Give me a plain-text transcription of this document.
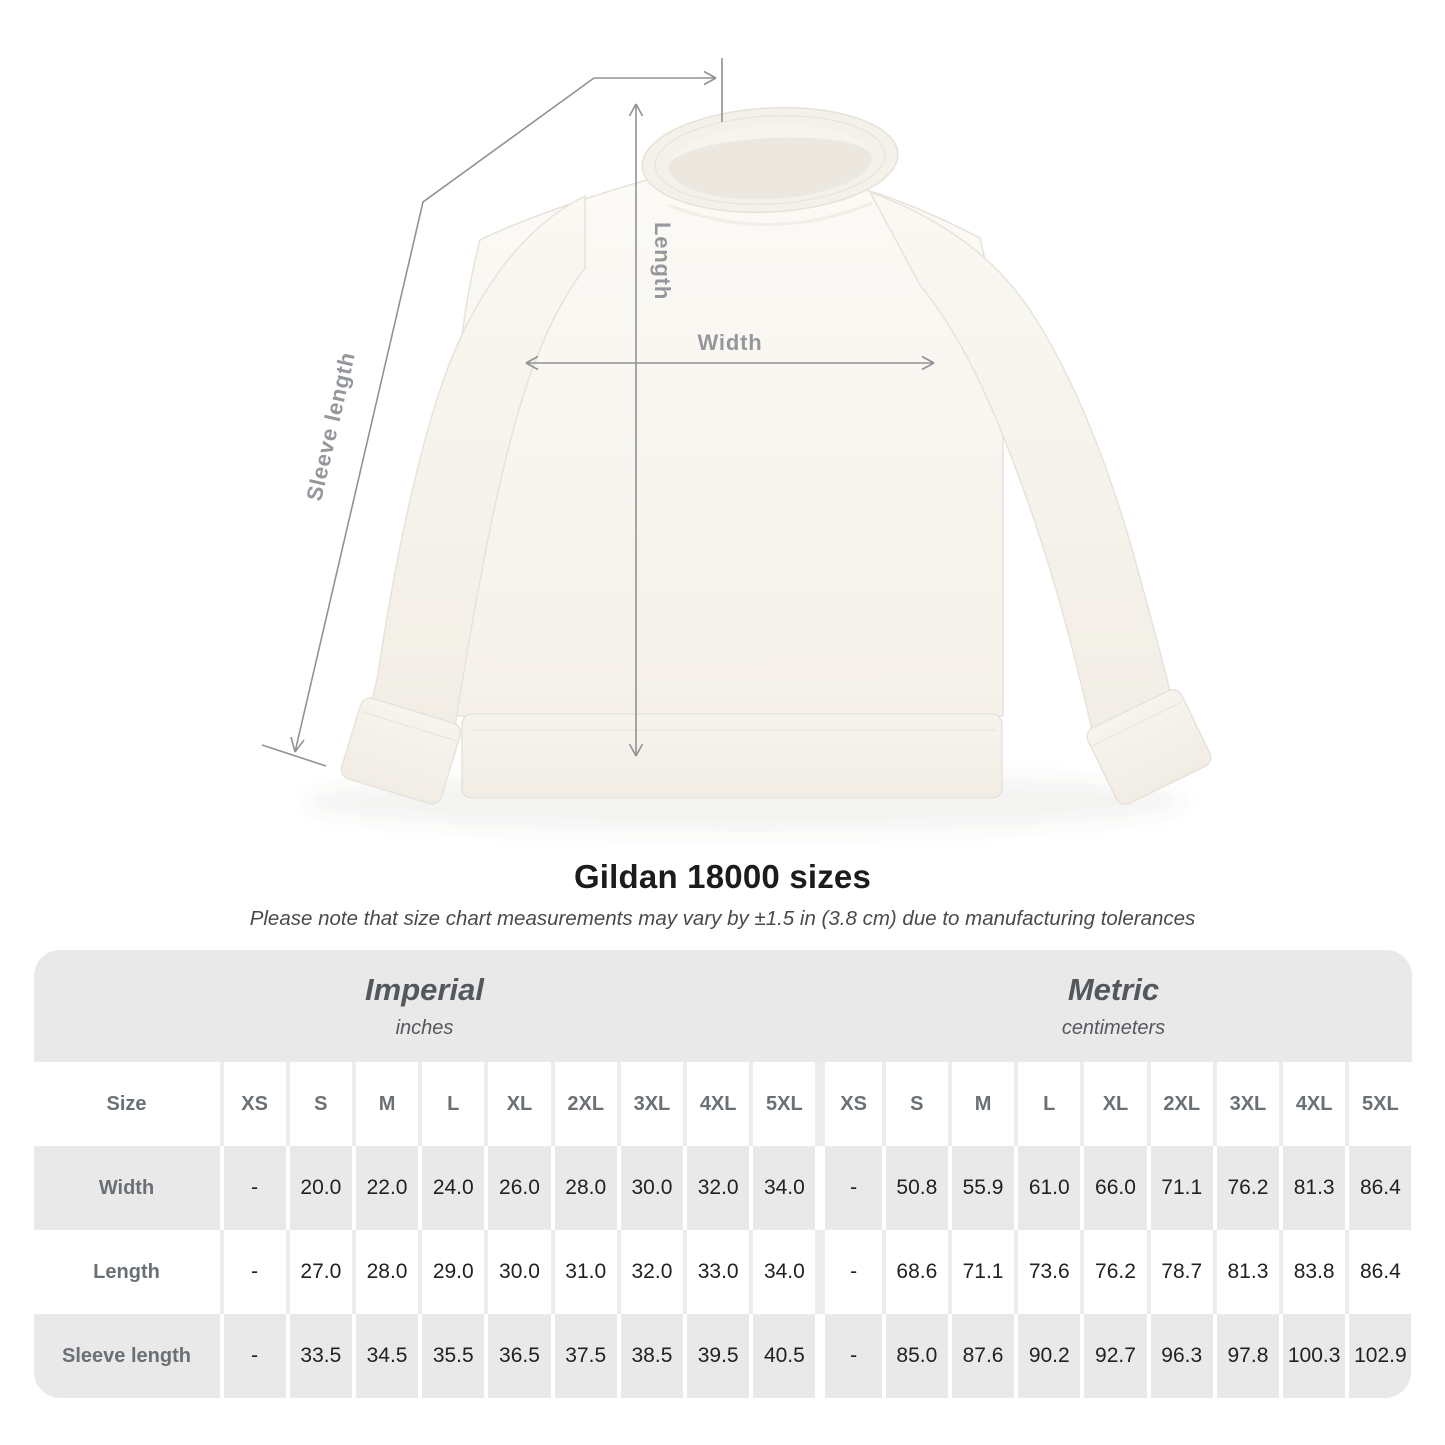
Sleeve length
Length
Width
Gildan 18000 sizes
Please note that size chart measurements may vary by ±1.5 in (3.8 cm) due to manufacturing tolerances
Imperial
inches
Metric
centimeters
Size	XS	S	M	L	XL	2XL	3XL	4XL	5XL	XS	S	M	L	XL	2XL	3XL	4XL	5XL
Width	-	20.0	22.0	24.0	26.0	28.0	30.0	32.0	34.0	-	50.8	55.9	61.0	66.0	71.1	76.2	81.3	86.4
Length	-	27.0	28.0	29.0	30.0	31.0	32.0	33.0	34.0	-	68.6	71.1	73.6	76.2	78.7	81.3	83.8	86.4
Sleeve length	-	33.5	34.5	35.5	36.5	37.5	38.5	39.5	40.5	-	85.0	87.6	90.2	92.7	96.3	97.8 100.3 102.9
